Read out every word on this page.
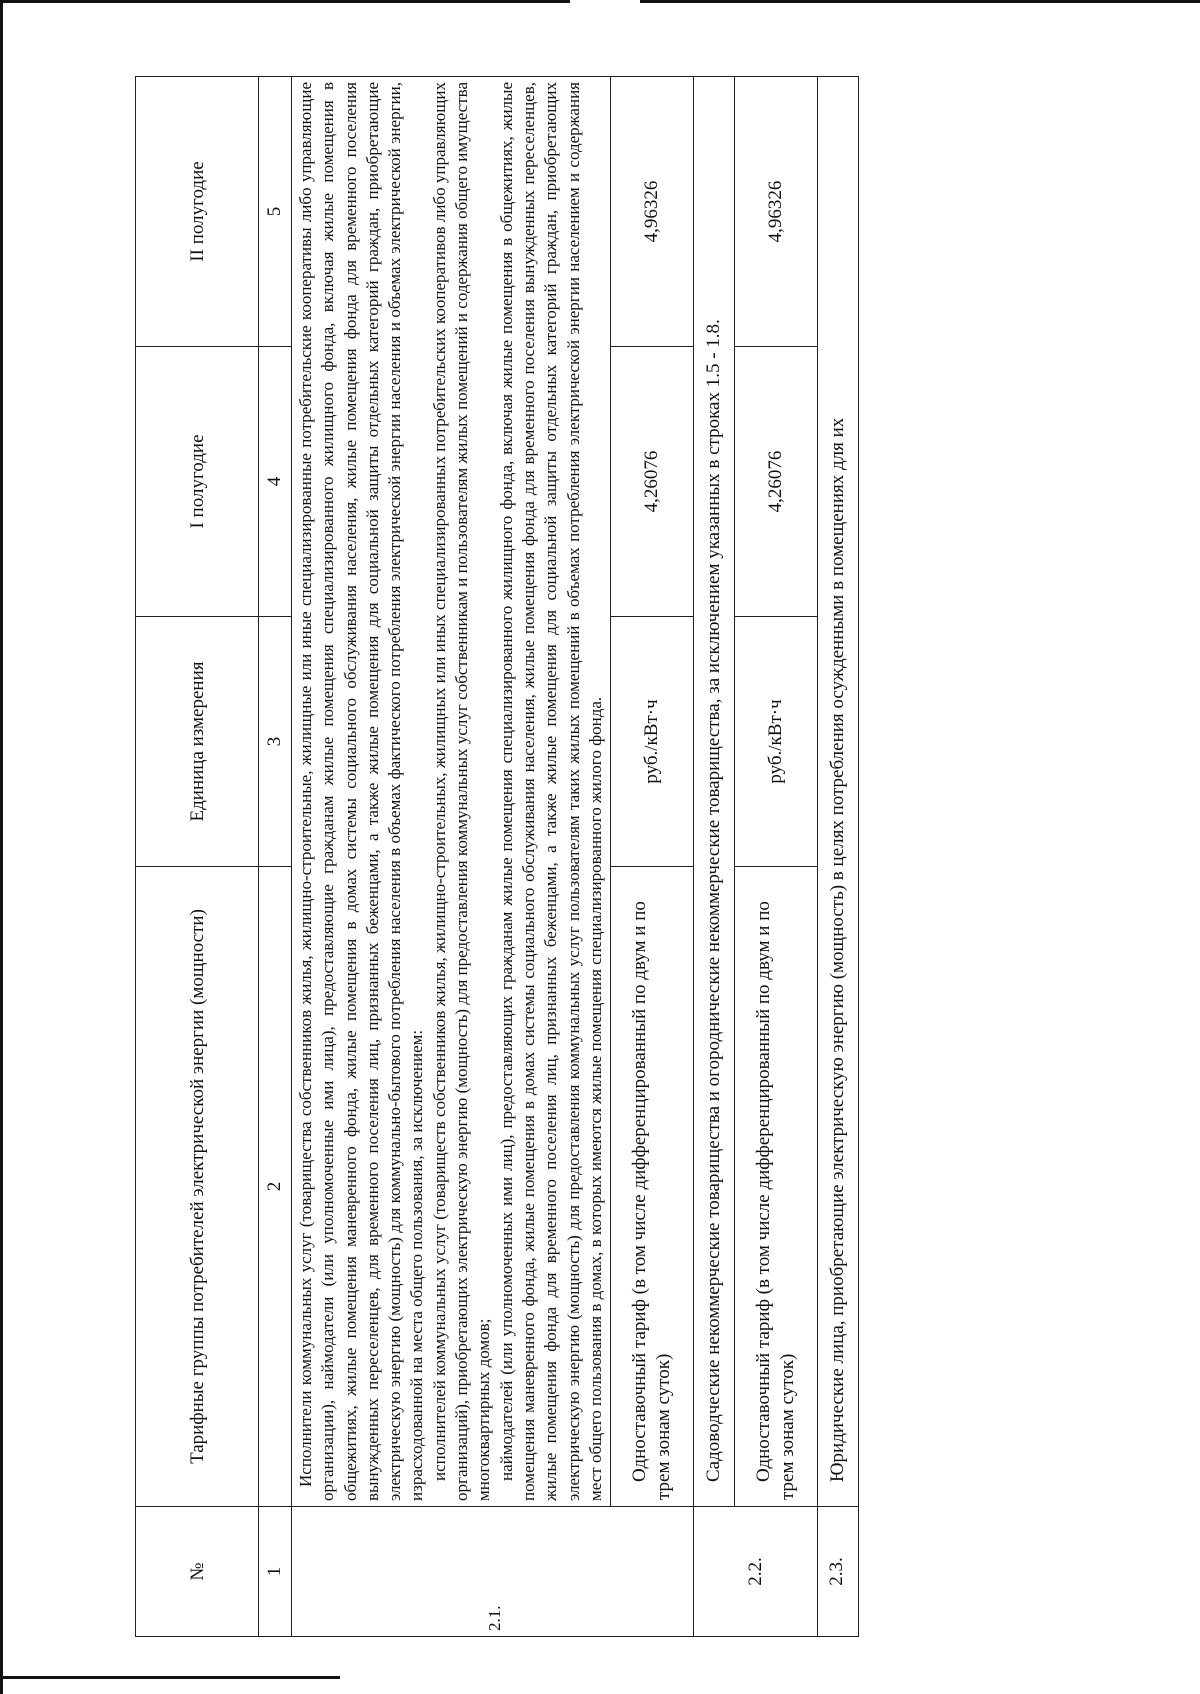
№	Тарифные группы потребителей электрической энергии (мощности)	Единица измерения	I полугодие	II полугодие
1	2	3	4	5
2.1.	Исполнители коммунальных услуг (товарищества собственников жилья, жилищно-строительные, жилищные или иные специализированные потребительские кооперативы либо управляющие организации), наймодатели (или уполномоченные ими лица), предоставляющие гражданам жилые помещения специализированного жилищного фонда, включая жилые помещения в общежитиях, жилые помещения маневренного фонда, жилые помещения в домах системы социального обслуживания населения, жилые помещения фонда для временного поселения вынужденных переселенцев, для временного поселения лиц, признанных беженцами, а также жилые помещения для социальной защиты отдельных категорий граждан, приобретающие электрическую энергию (мощность) для коммунально-бытового потребления населения в объемах фактического потребления электрической энергии населения и объемах электрической энергии, израсходованной на места общего пользования, за исключением: исполнителей коммунальных услуг (товариществ собственников жилья, жилищно-строительных, жилищных или иных специализированных потребительских кооперативов либо управляющих организаций), приобретающих электрическую энергию (мощность) для предоставления коммунальных услуг собственникам и пользователям жилых помещений и содержания общего имущества многоквартирных домов; наймодателей (или уполномоченных ими лиц), предоставляющих гражданам жилые помещения специализированного жилищного фонда, включая жилые помещения в общежитиях, жилые помещения маневренного фонда, жилые помещения в домах системы социального обслуживания населения, жилые помещения фонда для временного поселения вынужденных переселенцев, жилые помещения фонда для временного поселения лиц, признанных беженцами, а также жилые помещения для социальной защиты отдельных категорий граждан, приобретающих электрическую энергию (мощность) для предоставления коммунальных услуг пользователям таких жилых помещений в объемах потребления электрической энергии населением и содержания мест общего пользования в домах, в которых имеются жилые помещения специализированного жилого фонда.			

	Одноставочный тариф (в том числе дифференцированный по двум и по трем зонам суток)	руб./кВт·ч	4,26076	4,96326
2.2.	Садоводческие некоммерческие товарищества и огороднические некоммерческие товарищества, за исключением указанных в строках 1.5 - 1.8.			
	Одноставочный тариф (в том числе дифференцированный по двум и по трем зонам суток)	руб./кВт·ч	4,26076	4,96326
2.3.	Юридические лица, приобретающие электрическую энергию (мощность) в целях потребления осужденными в помещениях для их			
